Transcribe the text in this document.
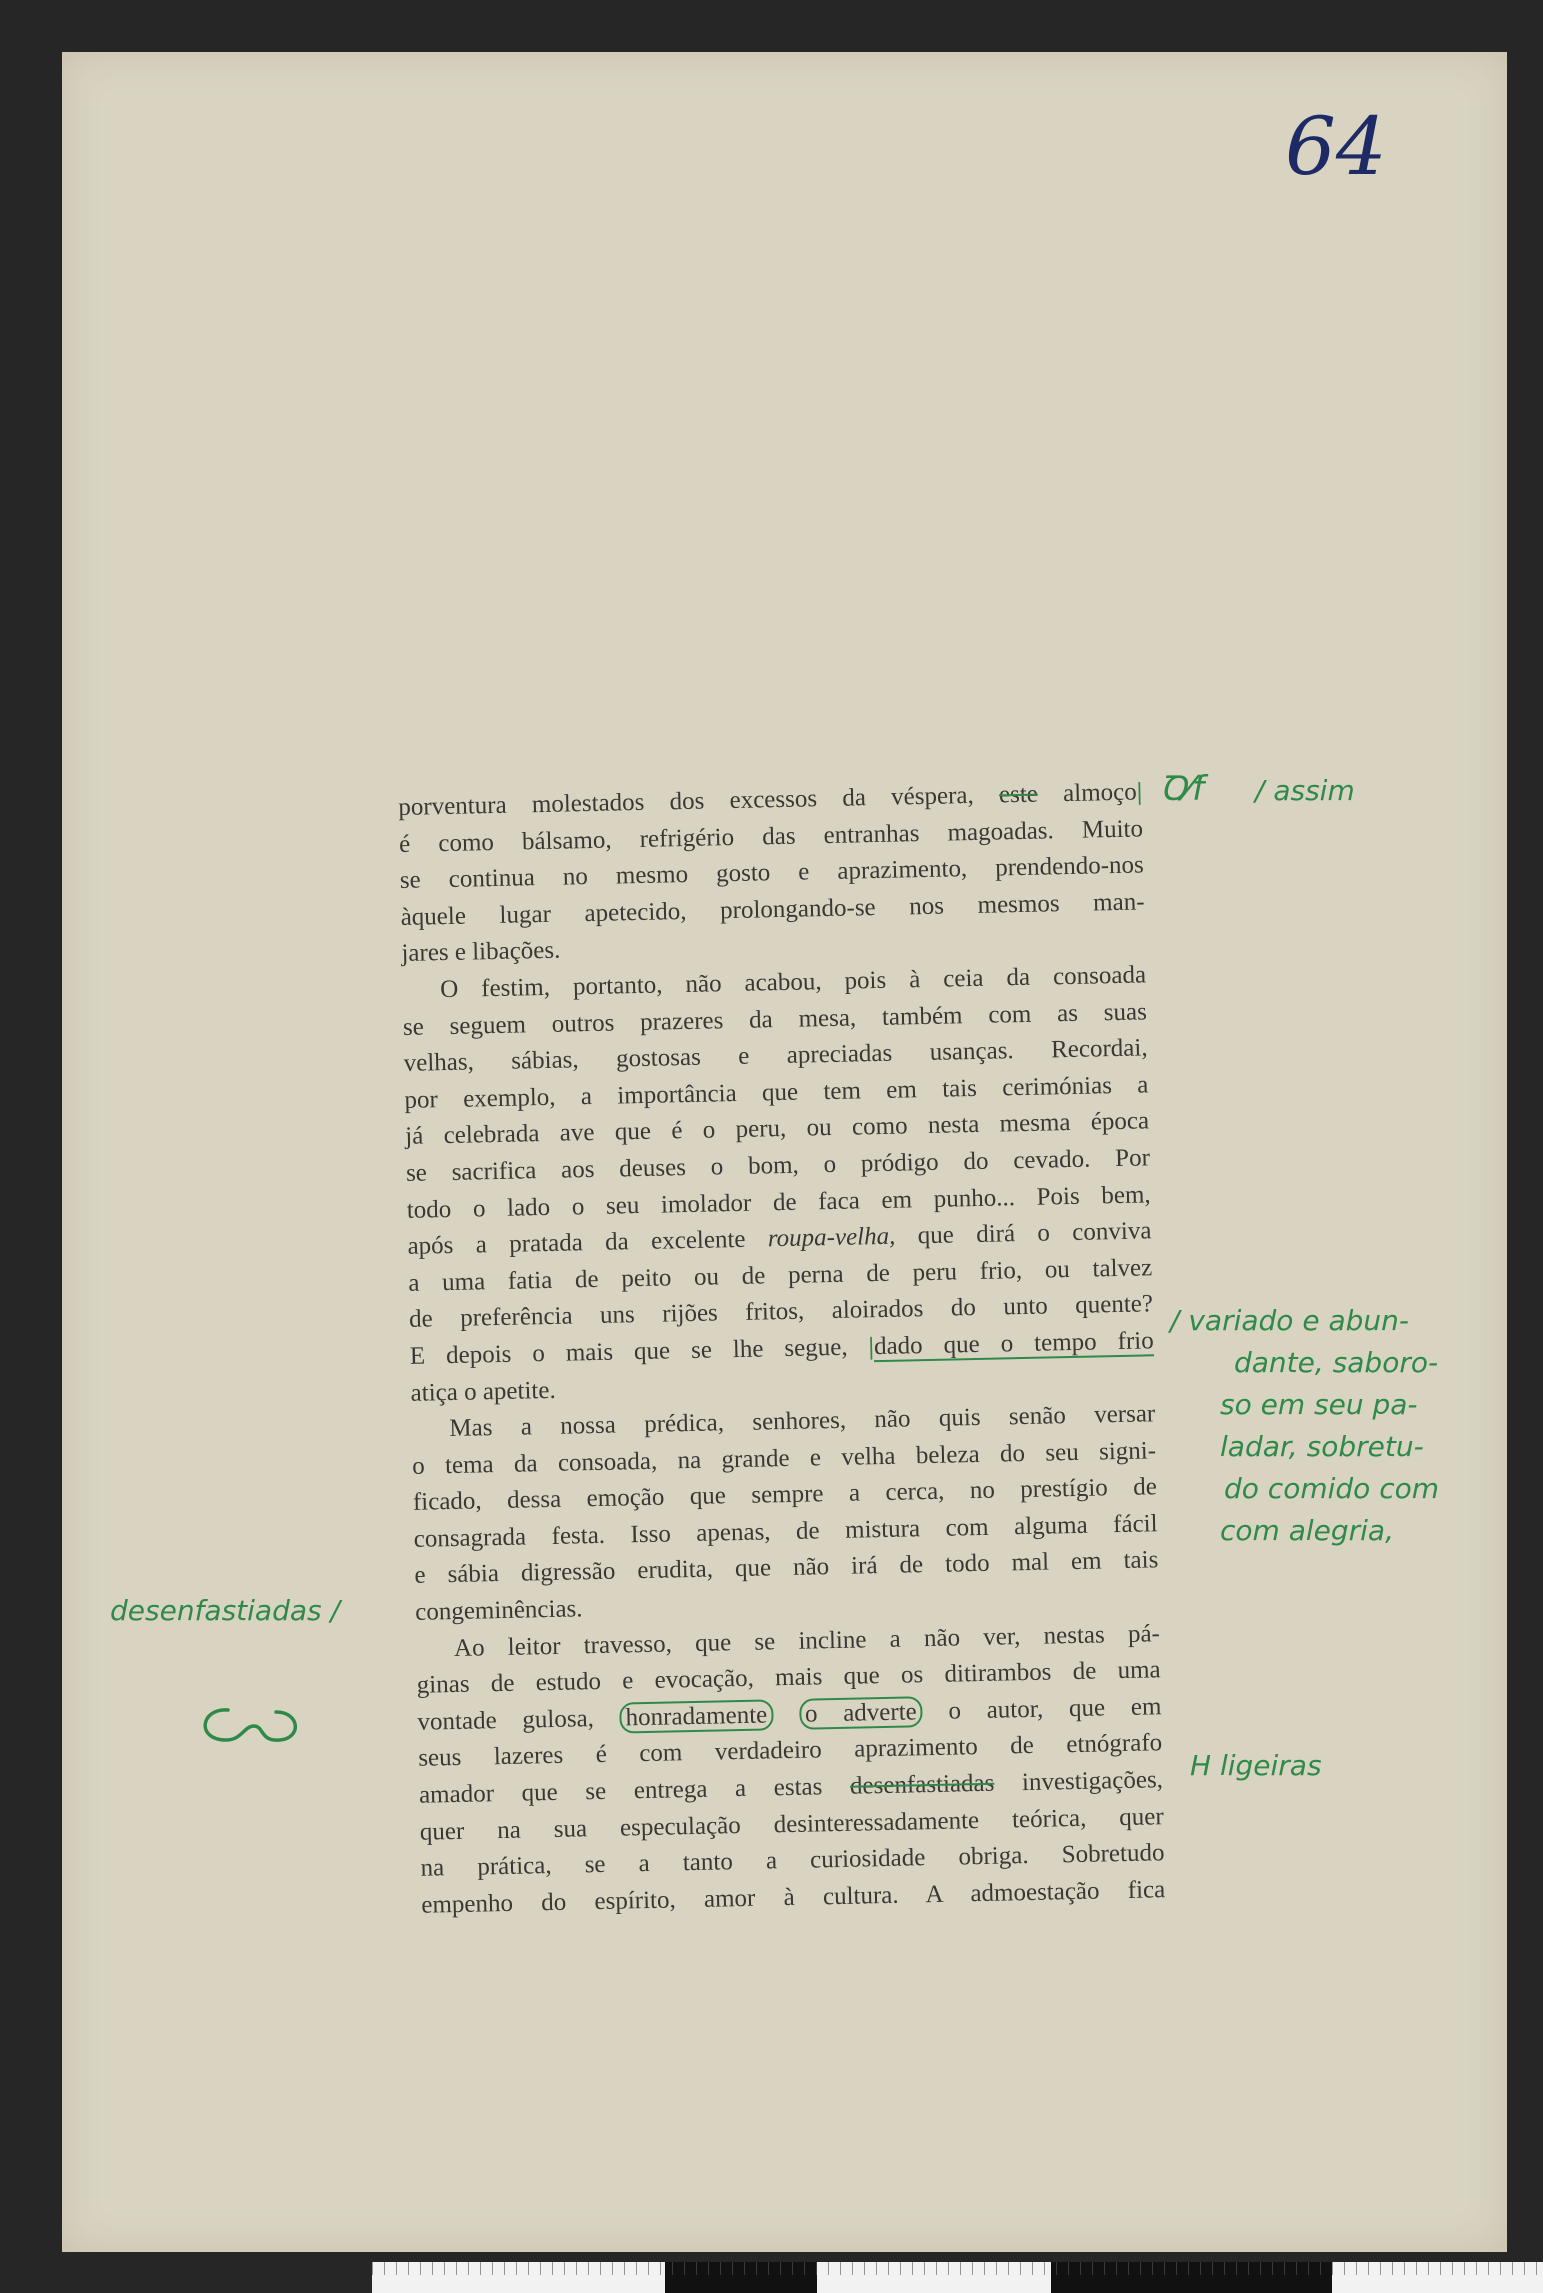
64

porventura molestados dos excessos da véspera, este almoço|
é como bálsamo, refrigério das entranhas magoadas. Muito
se continua no mesmo gosto e aprazimento, prendendo-nos
àquele lugar apetecido, prolongando-se nos mesmos man-
jares e libações.

O festim, portanto, não acabou, pois à ceia da consoada
se seguem outros prazeres da mesa, também com as suas
velhas, sábias, gostosas e apreciadas usanças. Recordai,
por exemplo, a importância que tem em tais cerimónias a
já celebrada ave que é o peru, ou como nesta mesma época
se sacrifica aos deuses o bom, o pródigo do cevado. Por
todo o lado o seu imolador de faca em punho... Pois bem,
após a pratada da excelente roupa-velha, que dirá o conviva
a uma fatia de peito ou de perna de peru frio, ou talvez
de preferência uns rijões fritos, aloirados do unto quente?
E depois o mais que se lhe segue, |dado que o tempo frio
atiça o apetite.

Mas a nossa prédica, senhores, não quis senão versar
o tema da consoada, na grande e velha beleza do seu signi-
ficado, dessa emoção que sempre a cerca, no prestígio de
consagrada festa. Isso apenas, de mistura com alguma fácil
e sábia digressão erudita, que não irá de todo mal em tais
congeminências.

Ao leitor travesso, que se incline a não ver, nestas pá-
ginas de estudo e evocação, mais que os ditirambos de uma
vontade gulosa, honradamente o adverte o autor, que em
seus lazeres é com verdadeiro aprazimento de etnógrafo
amador que se entrega a estas desenfastiadas investigações,
quer na sua especulação desinteressadamente teórica, quer
na prática, se a tanto a curiosidade obriga. Sobretudo
empenho do espírito, amor à cultura. A admoestação fica

Ꝺ⁄f / assim
/ variado e abun-
dante, saboro-
so em seu pa-
ladar, sobretu-
do comido com
com alegria,
desenfastiadas /
H ligeiras
